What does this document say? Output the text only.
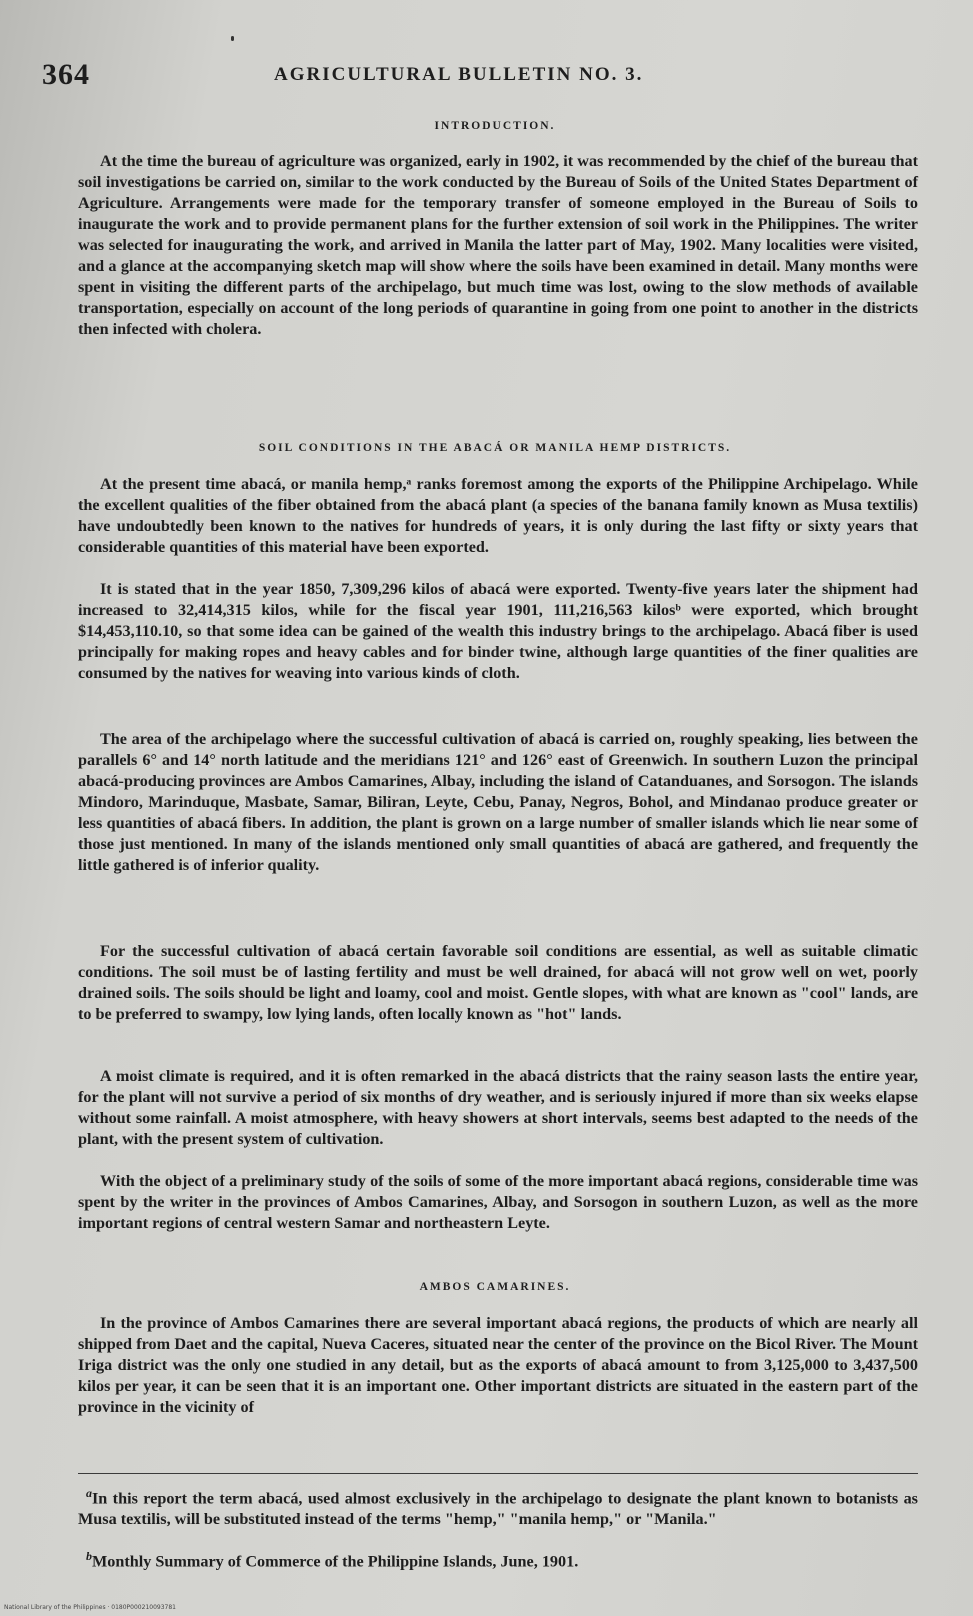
364	AGRICULTURAL BULLETIN NO. 3.
INTRODUCTION.

At the time the bureau of agriculture was organized, early in 1902, it was recommended by the chief of the bureau that soil investigations be carried on, similar to the work conducted by the Bureau of Soils of the United States Department of Agriculture. Arrangements were made for the temporary transfer of someone employed in the Bureau of Soils to inaugurate the work and to provide permanent plans for the further extension of soil work in the Philippines. The writer was selected for inaugurating the work, and arrived in Manila the latter part of May, 1902. Many localities were visited, and a glance at the accompanying sketch map will show where the soils have been examined in detail. Many months were spent in visiting the different parts of the archipelago, but much time was lost, owing to the slow methods of available transportation, especially on account of the long periods of quarantine in going from one point to another in the districts then infected with cholera.

SOIL CONDITIONS IN THE ABACÁ OR MANILA HEMP DISTRICTS.

At the present time abacá, or manila hemp,ᵃ ranks foremost among the exports of the Philippine Archipelago. While the excellent qualities of the fiber obtained from the abacá plant (a species of the banana family known as Musa textilis) have undoubtedly been known to the natives for hundreds of years, it is only during the last fifty or sixty years that considerable quantities of this material have been exported.

It is stated that in the year 1850, 7,309,296 kilos of abacá were exported. Twenty-five years later the shipment had increased to 32,414,315 kilos, while for the fiscal year 1901, 111,216,563 kilosᵇ were exported, which brought $14,453,110.10, so that some idea can be gained of the wealth this industry brings to the archipelago. Abacá fiber is used principally for making ropes and heavy cables and for binder twine, although large quantities of the finer qualities are consumed by the natives for weaving into various kinds of cloth.

The area of the archipelago where the successful cultivation of abacá is carried on, roughly speaking, lies between the parallels 6° and 14° north latitude and the meridians 121° and 126° east of Greenwich. In southern Luzon the principal abacá-producing provinces are Ambos Camarines, Albay, including the island of Catanduanes, and Sorsogon. The islands Mindoro, Marinduque, Masbate, Samar, Biliran, Leyte, Cebu, Panay, Negros, Bohol, and Mindanao produce greater or less quantities of abacá fibers. In addition, the plant is grown on a large number of smaller islands which lie near some of those just mentioned. In many of the islands mentioned only small quantities of abacá are gathered, and frequently the little gathered is of inferior quality.

For the successful cultivation of abacá certain favorable soil conditions are essential, as well as suitable climatic conditions. The soil must be of lasting fertility and must be well drained, for abacá will not grow well on wet, poorly drained soils. The soils should be light and loamy, cool and moist. Gentle slopes, with what are known as "cool" lands, are to be preferred to swampy, low lying lands, often locally known as "hot" lands.

A moist climate is required, and it is often remarked in the abacá districts that the rainy season lasts the entire year, for the plant will not survive a period of six months of dry weather, and is seriously injured if more than six weeks elapse without some rainfall. A moist atmosphere, with heavy showers at short intervals, seems best adapted to the needs of the plant, with the present system of cultivation.

With the object of a preliminary study of the soils of some of the more important abacá regions, considerable time was spent by the writer in the provinces of Ambos Camarines, Albay, and Sorsogon in southern Luzon, as well as the more important regions of central western Samar and northeastern Leyte.

AMBOS CAMARINES.

In the province of Ambos Camarines there are several important abacá regions, the products of which are nearly all shipped from Daet and the capital, Nueva Caceres, situated near the center of the province on the Bicol River. The Mount Iriga district was the only one studied in any detail, but as the exports of abacá amount to from 3,125,000 to 3,437,500 kilos per year, it can be seen that it is an important one. Other important districts are situated in the eastern part of the province in the vicinity of

$^a$In this report the term abacá, used almost exclusively in the archipelago to designate the plant known to botanists as Musa textilis, will be substituted instead of the terms "hemp," "manila hemp," or "Manila."

$^b$Monthly Summary of Commerce of the Philippine Islands, June, 1901.

National Library of the Philippines · 0180P000210093781
